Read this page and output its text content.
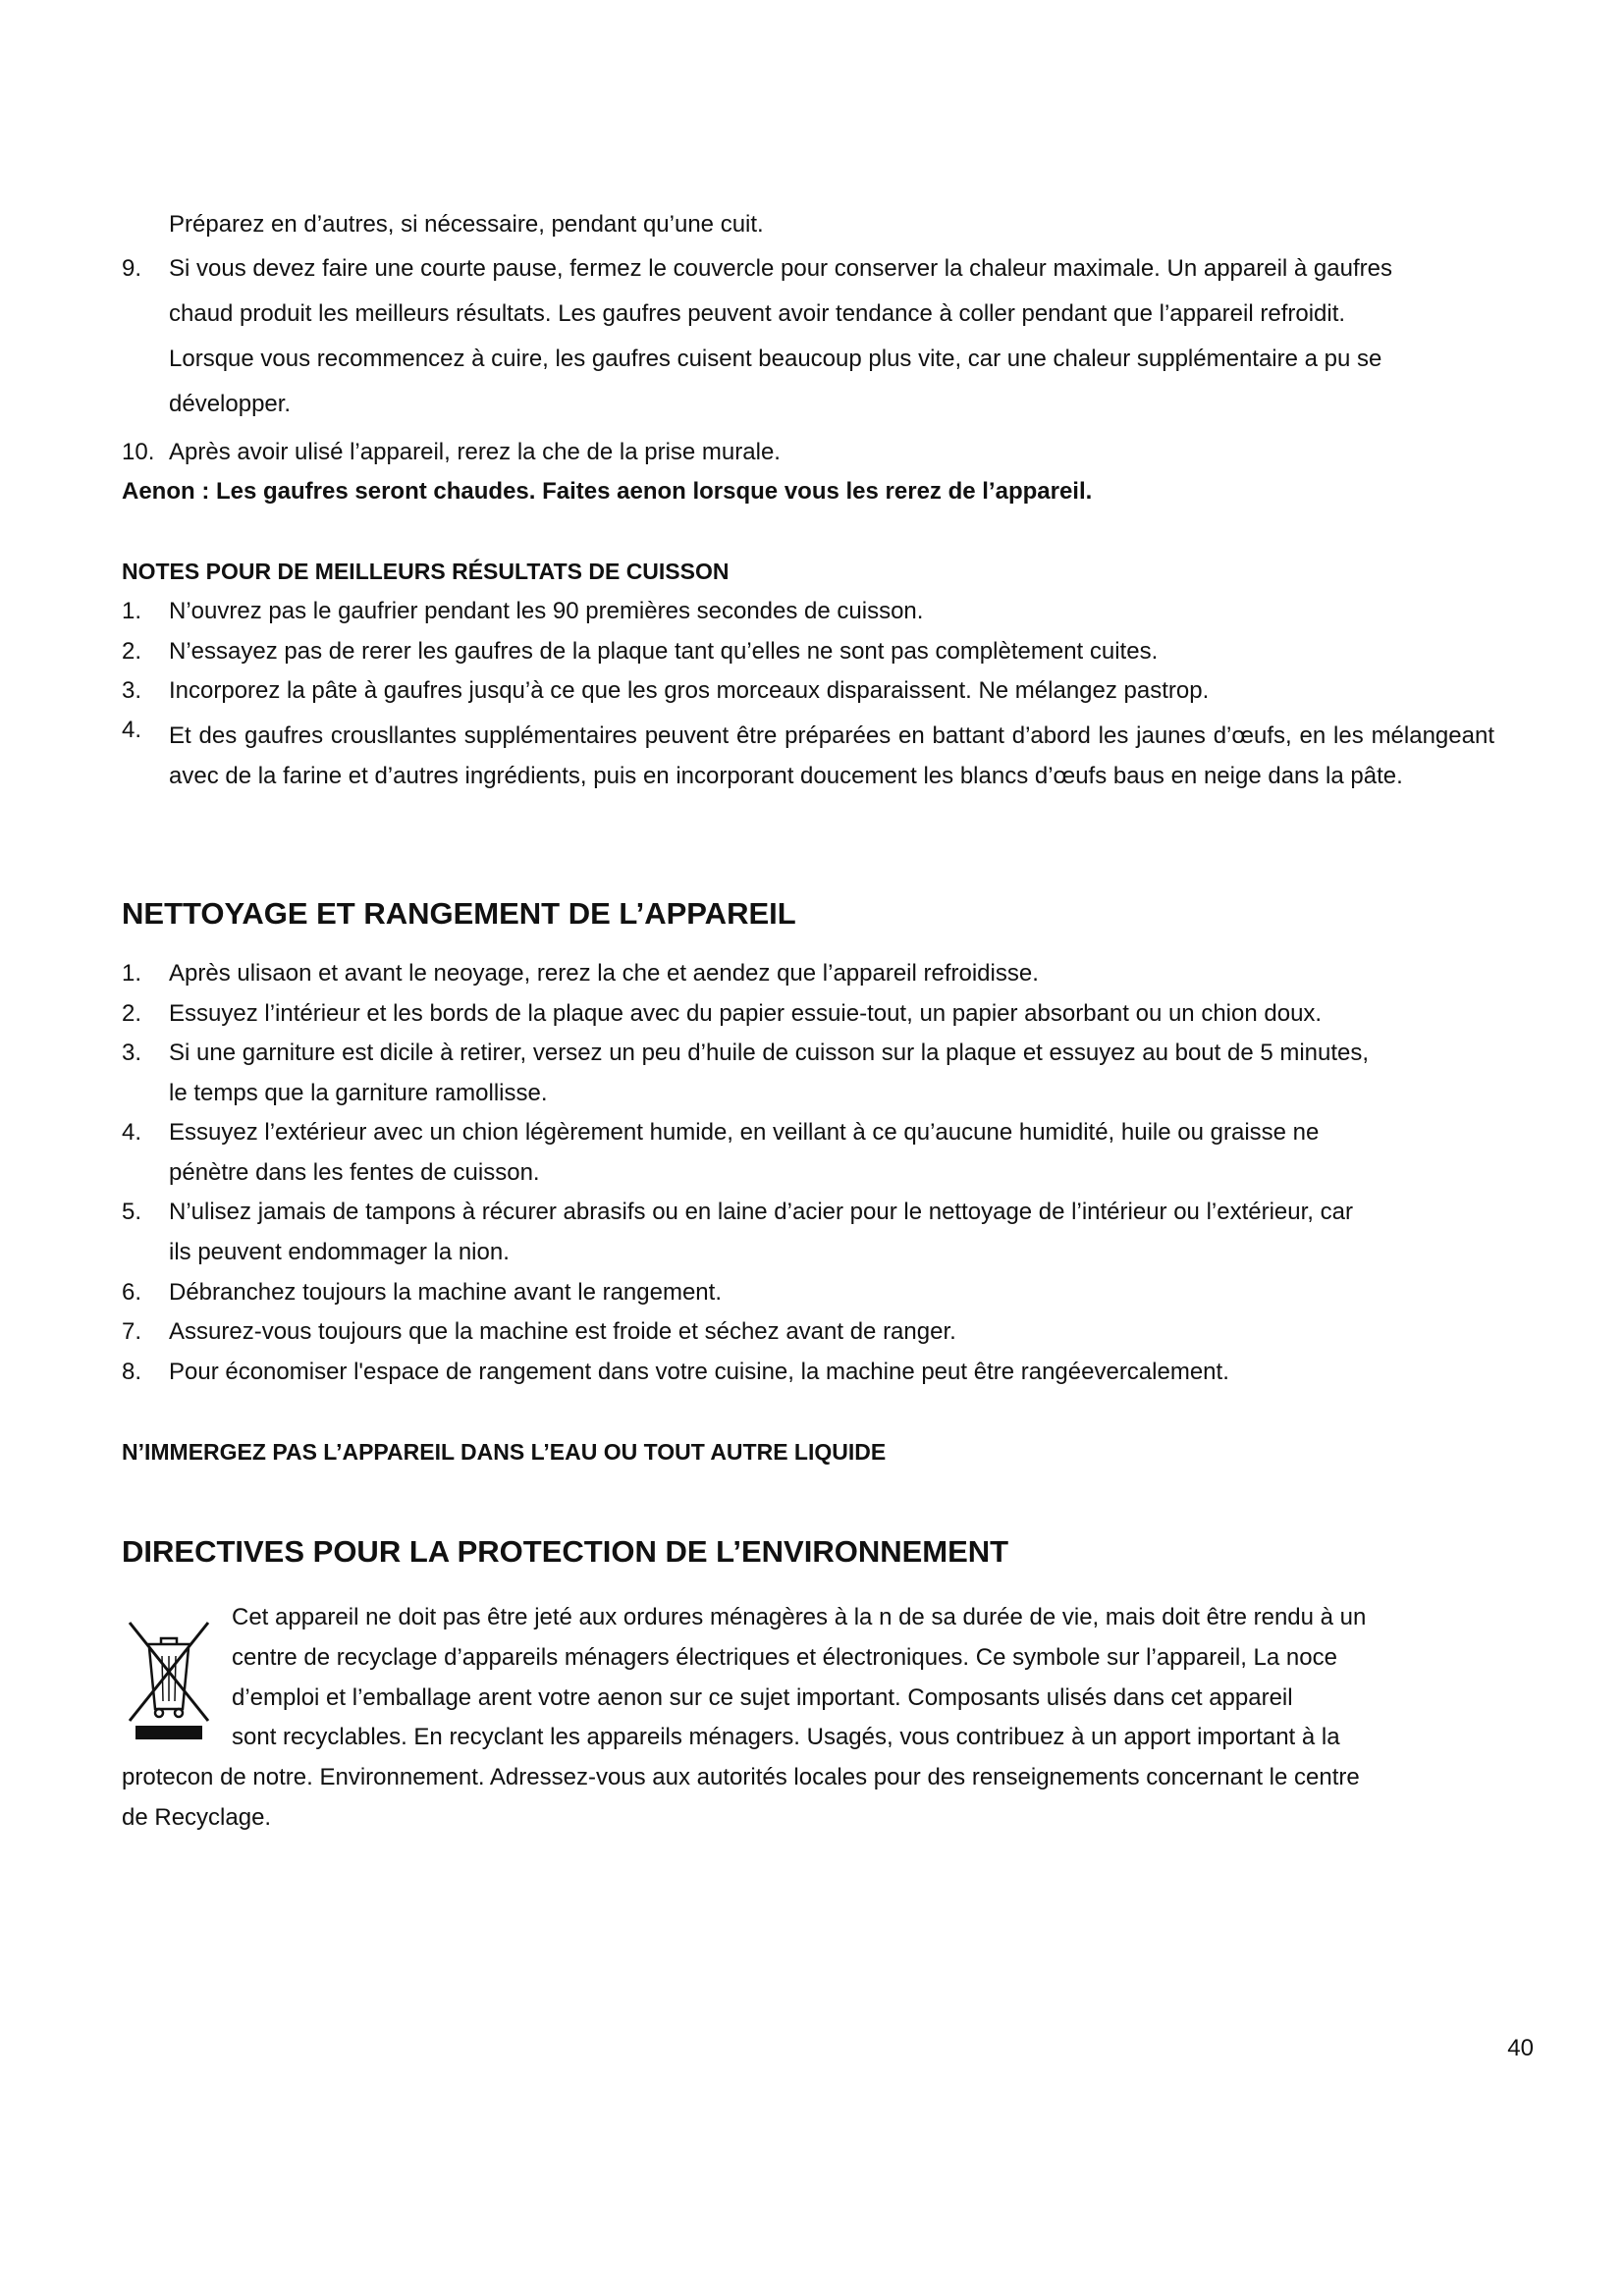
Préparez en d’autres, si nécessaire, pendant qu’une cuit.
9.	Si vous devez faire une courte pause, fermez le couvercle pour conserver la chaleur maximale. Un appareil à gaufres
chaud produit les meilleurs résultats. Les gaufres peuvent avoir tendance à coller pendant que l’appareil refroidit.
Lorsque vous recommencez à cuire, les gaufres cuisent beaucoup plus vite, car une chaleur supplémentaire a pu se
développer.
10. Après avoir ulisé l’appareil, rerez la che de la prise murale.
Aenon : Les gaufres seront chaudes. Faites aenon lorsque vous les rerez de l’appareil.
NOTES POUR DE MEILLEURS RÉSULTATS DE CUISSON
1.	N’ouvrez pas le gaufrier pendant les 90 premières secondes de cuisson.
2.	N’essayez pas de rerer les gaufres de la plaque tant qu’elles ne sont pas complètement cuites.
3.	Incorporez la pâte à gaufres jusqu’à ce que les gros morceaux disparaissent. Ne mélangez pastrop.
4.	Et des gaufres crousllantes supplémentaires peuvent être préparées en battant d’abord les jaunes d’œufs, en les mélangeant avec de la farine et d’autres ingrédients, puis en incorporant doucement les blancs d’œufs baus en neige dans la pâte.
NETTOYAGE ET RANGEMENT DE L’APPAREIL
1.	Après ulisaon et avant le neoyage, rerez la che et aendez que l’appareil refroidisse.
2.	Essuyez l’intérieur et les bords de la plaque avec du papier essuie-tout, un papier absorbant ou un chion doux.
3.	Si une garniture est dicile à retirer, versez un peu d’huile de cuisson sur la plaque et essuyez au bout de 5 minutes,
le temps que la garniture ramollisse.
4.	Essuyez l’extérieur avec un chion légèrement humide, en veillant à ce qu’aucune humidité, huile ou graisse ne
pénètre dans les fentes de cuisson.
5.	N’ulisez jamais de tampons à récurer abrasifs ou en laine d’acier pour le nettoyage de l’intérieur ou l’extérieur, car
ils peuvent endommager la nion.
6.	Débranchez toujours la machine avant le rangement.
7.	Assurez-vous toujours que la machine est froide et séchez avant de ranger.
8.	Pour économiser l'espace de rangement dans votre cuisine, la machine peut être rangéevercalement.
N’IMMERGEZ PAS L’APPAREIL DANS L’EAU OU TOUT AUTRE LIQUIDE
DIRECTIVES POUR LA PROTECTION DE L’ENVIRONNEMENT
Cet appareil ne doit pas être jeté aux ordures ménagères à la n de sa durée de vie, mais doit être rendu à un
centre de recyclage d’appareils ménagers électriques et électroniques. Ce symbole sur l’appareil, La noce
d’emploi et l’emballage arent votre aenon sur ce sujet important. Composants ulisés dans cet appareil
sont recyclables. En recyclant les appareils ménagers. Usagés, vous contribuez à un apport important à la
protecon de notre. Environnement. Adressez-vous aux autorités locales pour des renseignements concernant le centre
de Recyclage.
40
